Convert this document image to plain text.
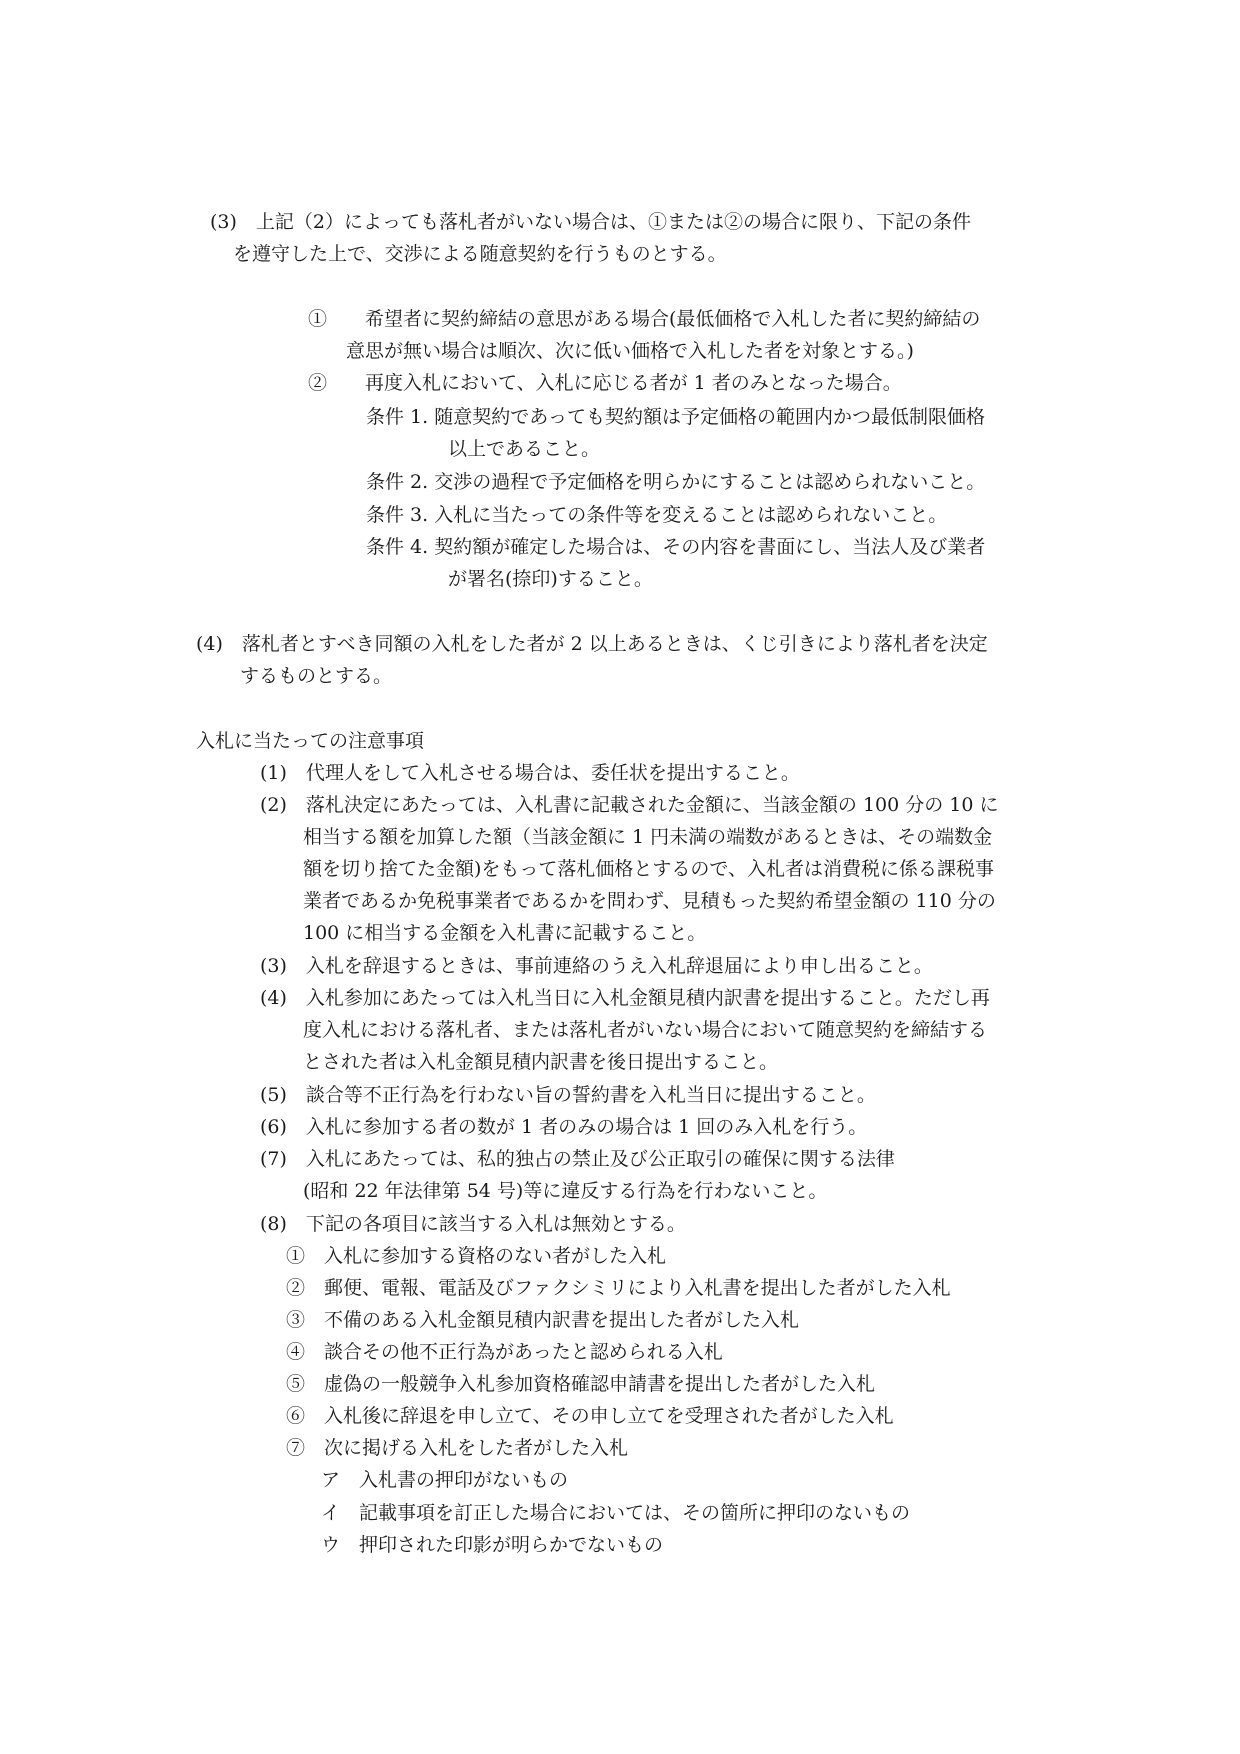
(3)　上記（2）によっても落札者がいない場合は、①または②の場合に限り、下記の条件
を遵守した上で、交渉による随意契約を行うものとする。
①　　希望者に契約締結の意思がある場合(最低価格で入札した者に契約締結の
意思が無い場合は順次、次に低い価格で入札した者を対象とする。)
②　　再度入札において、入札に応じる者が 1 者のみとなった場合。
条件 1. 随意契約であっても契約額は予定価格の範囲内かつ最低制限価格
以上であること。
条件 2. 交渉の過程で予定価格を明らかにすることは認められないこと。
条件 3. 入札に当たっての条件等を変えることは認められないこと。
条件 4. 契約額が確定した場合は、その内容を書面にし、当法人及び業者
が署名(捺印)すること。
(4)　落札者とすべき同額の入札をした者が 2 以上あるときは、くじ引きにより落札者を決定
するものとする。
入札に当たっての注意事項
(1)　代理人をして入札させる場合は、委任状を提出すること。
(2)　落札決定にあたっては、入札書に記載された金額に、当該金額の 100 分の 10 に
相当する額を加算した額（当該金額に 1 円未満の端数があるときは、その端数金
額を切り捨てた金額)をもって落札価格とするので、入札者は消費税に係る課税事
業者であるか免税事業者であるかを問わず、見積もった契約希望金額の 110 分の
100 に相当する金額を入札書に記載すること。
(3)　入札を辞退するときは、事前連絡のうえ入札辞退届により申し出ること。
(4)　入札参加にあたっては入札当日に入札金額見積内訳書を提出すること。ただし再
度入札における落札者、または落札者がいない場合において随意契約を締結する
とされた者は入札金額見積内訳書を後日提出すること。
(5)　談合等不正行為を行わない旨の誓約書を入札当日に提出すること。
(6)　入札に参加する者の数が 1 者のみの場合は 1 回のみ入札を行う。
(7)　入札にあたっては、私的独占の禁止及び公正取引の確保に関する法律
(昭和 22 年法律第 54 号)等に違反する行為を行わないこと。
(8)　下記の各項目に該当する入札は無効とする。
①　入札に参加する資格のない者がした入札
②　郵便、電報、電話及びファクシミリにより入札書を提出した者がした入札
③　不備のある入札金額見積内訳書を提出した者がした入札
④　談合その他不正行為があったと認められる入札
⑤　虚偽の一般競争入札参加資格確認申請書を提出した者がした入札
⑥　入札後に辞退を申し立て、その申し立てを受理された者がした入札
⑦　次に掲げる入札をした者がした入札
ア　入札書の押印がないもの
イ　記載事項を訂正した場合においては、その箇所に押印のないもの
ウ　押印された印影が明らかでないもの
